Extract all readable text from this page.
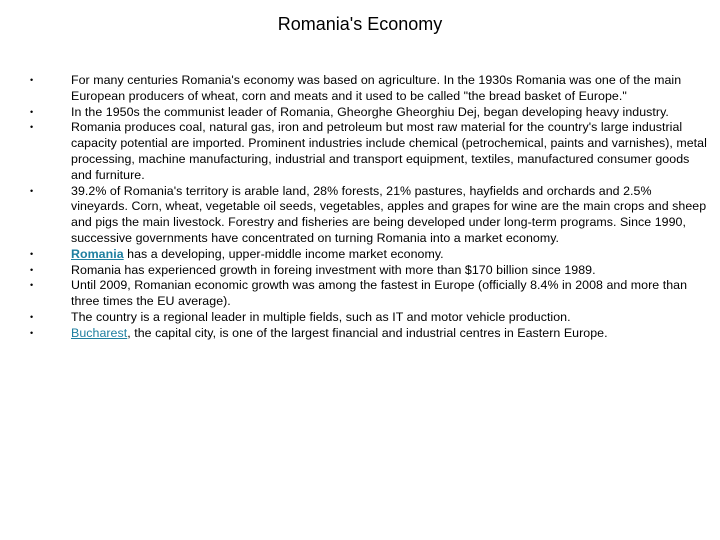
Romania's Economy
•	For many centuries Romania's economy was based on agriculture. In the 1930s Romania was one of the main European producers of wheat, corn and meats and it used to be called "the bread basket of Europe."
•	In the 1950s the communist leader of Romania, Gheorghe Gheorghiu Dej, began developing heavy industry.
•	Romania produces coal, natural gas, iron and petroleum but most raw material for the country's large industrial capacity potential are imported. Prominent industries include chemical (petrochemical, paints and varnishes), metal processing, machine manufacturing, industrial and transport equipment, textiles, manufactured consumer goods and furniture.
•	39.2% of Romania's territory is arable land, 28% forests, 21% pastures, hayfields and orchards and 2.5% vineyards. Corn, wheat, vegetable oil seeds, vegetables, apples and grapes for wine are the main crops and sheep and pigs the main livestock. Forestry and fisheries are being developed under long-term programs. Since 1990, successive governments have concentrated on turning Romania into a market economy.
•	Romania has a developing, upper-middle income market economy.
•	Romania has experienced growth in foreing investment with more than $170 billion since 1989.
•	Until 2009, Romanian economic growth was among the fastest in Europe (officially 8.4% in 2008 and more than three times the EU average).
•	The country is a regional leader in multiple fields, such as IT and motor vehicle production.
•	Bucharest, the capital city, is one of the largest financial and industrial centres in Eastern Europe.
